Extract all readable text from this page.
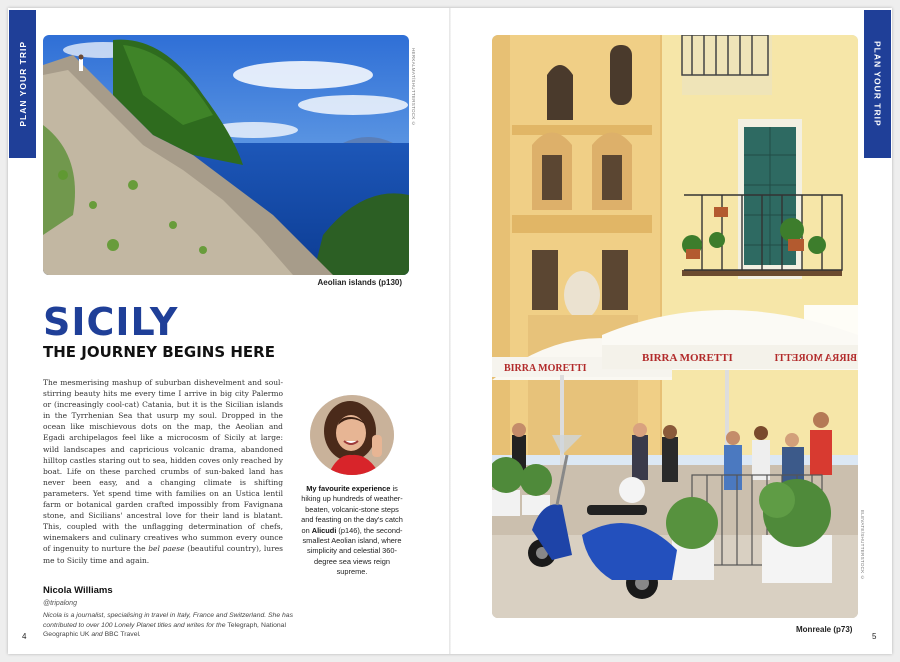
PLAN YOUR TRIP	HERKALMAT/SHUTTERSTOCK ©
Aeolian islands (p130)
SICILY
THE JOURNEY BEGINS HERE
The mesmerising mashup of suburban dishevelment and soul-stirring beauty hits me every time I arrive in big city Palermo or (increasingly cool-cat) Catania, but it is the Sicilian islands in the Tyrrhenian Sea that usurp my soul. Dropped in the ocean like mischievous dots on the map, the Aeolian and Egadi archipelagos feel like a microcosm of Sicily at large: wild landscapes and capricious volcanic drama, abandoned hilltop castles staring out to sea, hidden coves only reached by boat. Life on these parched crumbs of sun-baked land has never been easy, and a changing climate is shifting parameters. Yet spend time with families on an Ustica lentil farm or botanical garden crafted impossibly from Favignana stone, and Sicilians' ancestral love for their land is blatant. This, coupled with the unflagging determination of chefs, winemakers and culinary creatives who summon every ounce of ingenuity to nurture the bel paese (beautiful country), lures me to Sicily time and again.
Nicola Williams
@tripalong
Nicola is a journalist, specialising in travel in Italy, France and Switzerland. She has contributed to over 100 Lonely Planet titles and writes for the Telegraph, National Geographic UK and BBC Travel.
My favourite experience is hiking up hundreds of weather-beaten, volcanic-stone steps and feasting on the day's catch on Alicudi (p146), the second-smallest Aeolian island, where simplicity and celestial 360-degree sea views reign supreme.
4
PLAN YOUR TRIP
BIRRA MORETTI
BIRRA MORETTI	BIRRA MORETTI
ELEVATE/SHUTTERSTOCK ©
Monreale (p73)
5
